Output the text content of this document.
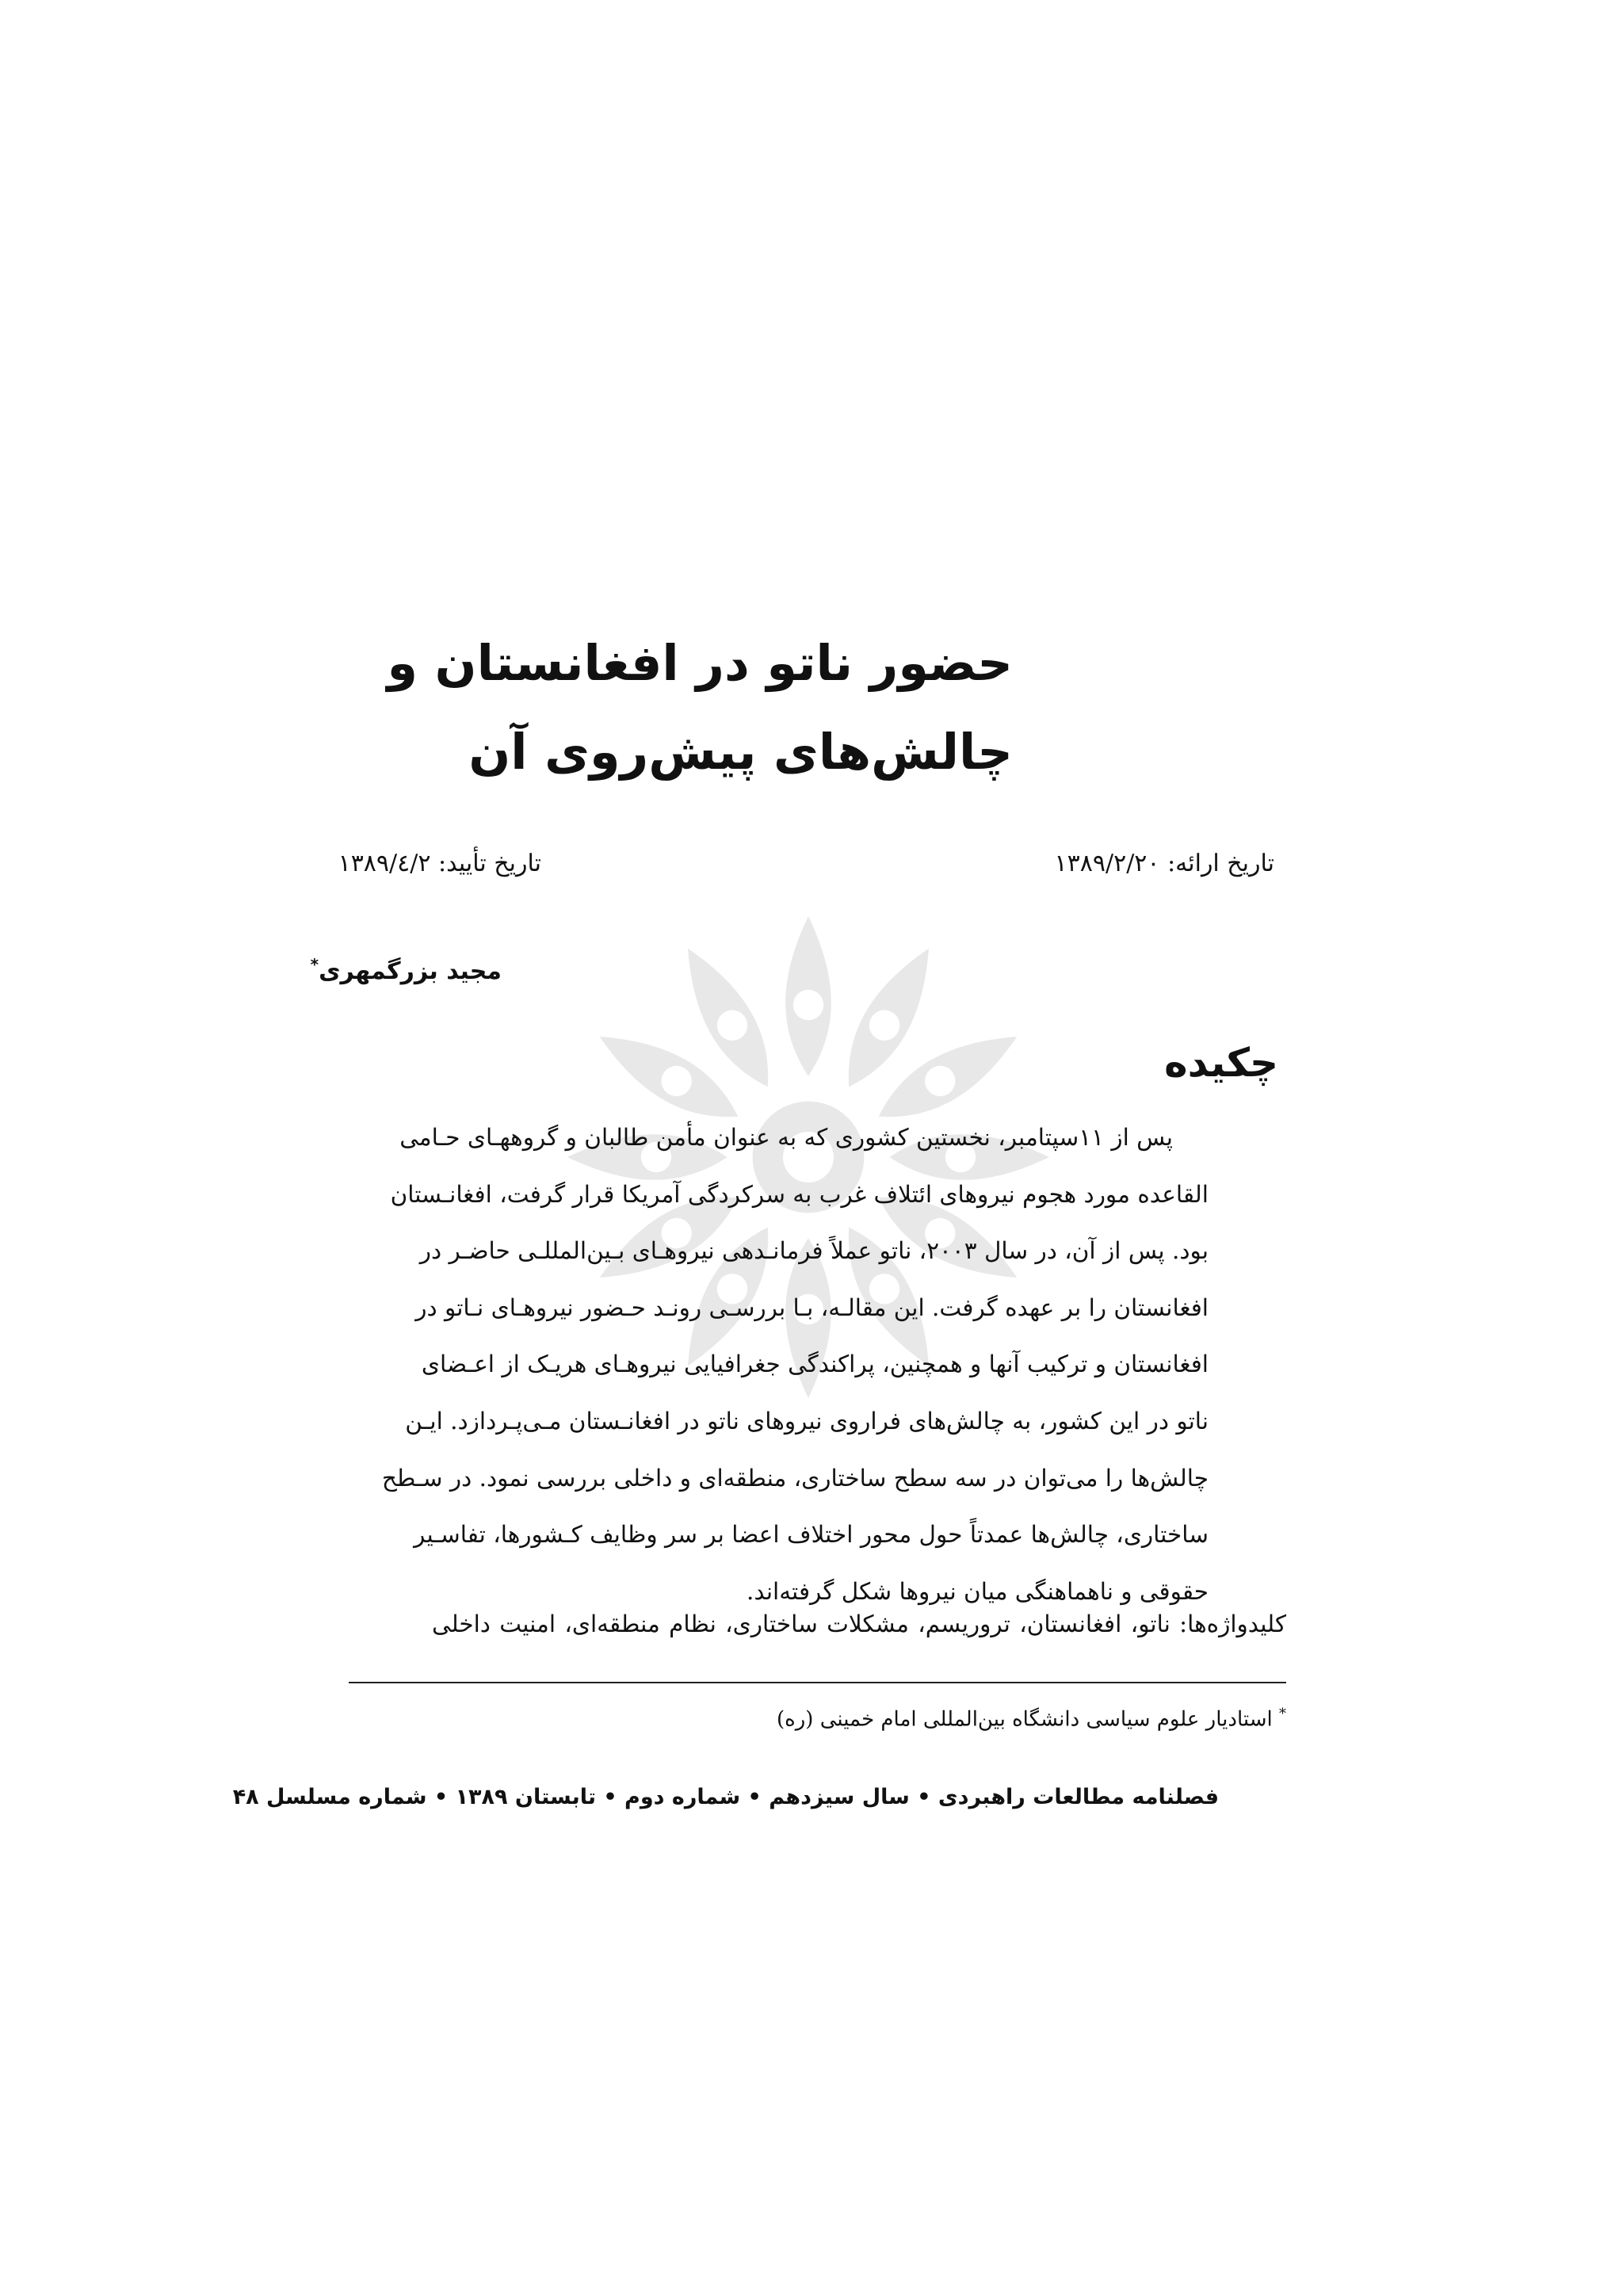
حضور ناتو در افغانستان و
چالش‌های پیش‌روی آن
تاریخ ارائه: ۱۳۸۹/۲/۲۰
تاریخ تأیید: ۱۳۸۹/٤/۲
مجید بزرگمهری*
چکیده
پس از ۱۱سپتامبر، نخستین کشوری که به عنوان مأمن طالبان و گروههـای حـامی
القاعده مورد هجوم نیروهای ائتلاف غرب به سرکردگی آمریکا قرار گرفت، افغانـستان
بود. پس از آن، در سال ۲۰۰۳، ناتو عملاً فرمانـدهی نیروهـای بـین‌المللـی حاضـر در
افغانستان را بر عهده گرفت. این مقالـه، بـا بررسـی رونـد حـضور نیروهـای نـاتو در
افغانستان و ترکیب آنها و همچنین، پراکندگی جغرافیایی نیروهـای هریـک از اعـضای
ناتو در این کشور، به چالش‌های فراروی نیروهای ناتو در افغانـستان مـی‌پـردازد. ایـن
چالش‌ها را می‌توان در سه سطح ساختاری، منطقه‌ای و داخلی بررسی نمود. در سـطح
ساختاری، چالش‌ها عمدتاً حول محور اختلاف اعضا بر سر وظایف کـشورها، تفاسـیر
حقوقی و ناهماهنگی میان نیروها شکل گرفته‌اند.
کلیدواژه‌ها: ناتو، افغانستان، تروریسم، مشکلات ساختاری، نظام منطقه‌ای، امنیت داخلی
* استادیار علوم سیاسی دانشگاه بین‌المللی امام خمینی (ره)
فصلنامه مطالعات راهبردی • سال سیزدهم • شماره دوم • تابستان ۱۳۸۹ • شماره مسلسل ۴۸
